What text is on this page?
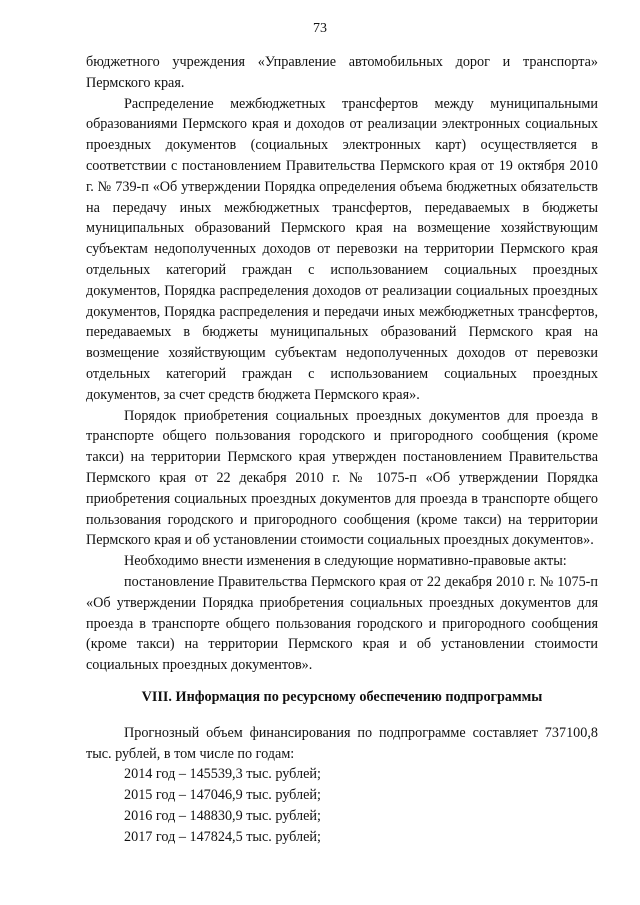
73

бюджетного учреждения «Управление автомобильных дорог и транспорта» Пермского края.

Распределение межбюджетных трансфертов между муниципальными образованиями Пермского края и доходов от реализации электронных социальных проездных документов (социальных электронных карт) осуществляется в соответствии с постановлением Правительства Пермского края от 19 октября 2010 г. № 739-п «Об утверждении Порядка определения объема бюджетных обязательств на передачу иных межбюджетных трансфертов, передаваемых в бюджеты муниципальных образований Пермского края на возмещение хозяйствующим субъектам недополученных доходов от перевозки на территории Пермского края отдельных категорий граждан с использованием социальных проездных документов, Порядка распределения доходов от реализации социальных проездных документов, Порядка распределения и передачи иных межбюджетных трансфертов, передаваемых в бюджеты муниципальных образований Пермского края на возмещение хозяйствующим субъектам недополученных доходов от перевозки отдельных категорий граждан с использованием социальных проездных документов, за счет средств бюджета Пермского края».

Порядок приобретения социальных проездных документов для проезда в транспорте общего пользования городского и пригородного сообщения (кроме такси) на территории Пермского края утвержден постановлением Правительства Пермского края от 22 декабря 2010 г. № 1075-п «Об утверждении Порядка приобретения социальных проездных документов для проезда в транспорте общего пользования городского и пригородного сообщения (кроме такси) на территории Пермского края и об установлении стоимости социальных проездных документов».

Необходимо внести изменения в следующие нормативно-правовые акты:

постановление Правительства Пермского края от 22 декабря 2010 г. № 1075-п «Об утверждении Порядка приобретения социальных проездных документов для проезда в транспорте общего пользования городского и пригородного сообщения (кроме такси) на территории Пермского края и об установлении стоимости социальных проездных документов».

VIII. Информация по ресурсному обеспечению подпрограммы

Прогнозный объем финансирования по подпрограмме составляет 737100,8 тыс. рублей, в том числе по годам:

2014 год – 145539,3 тыс. рублей;
2015 год – 147046,9 тыс. рублей;
2016 год – 148830,9 тыс. рублей;
2017 год – 147824,5 тыс. рублей;
